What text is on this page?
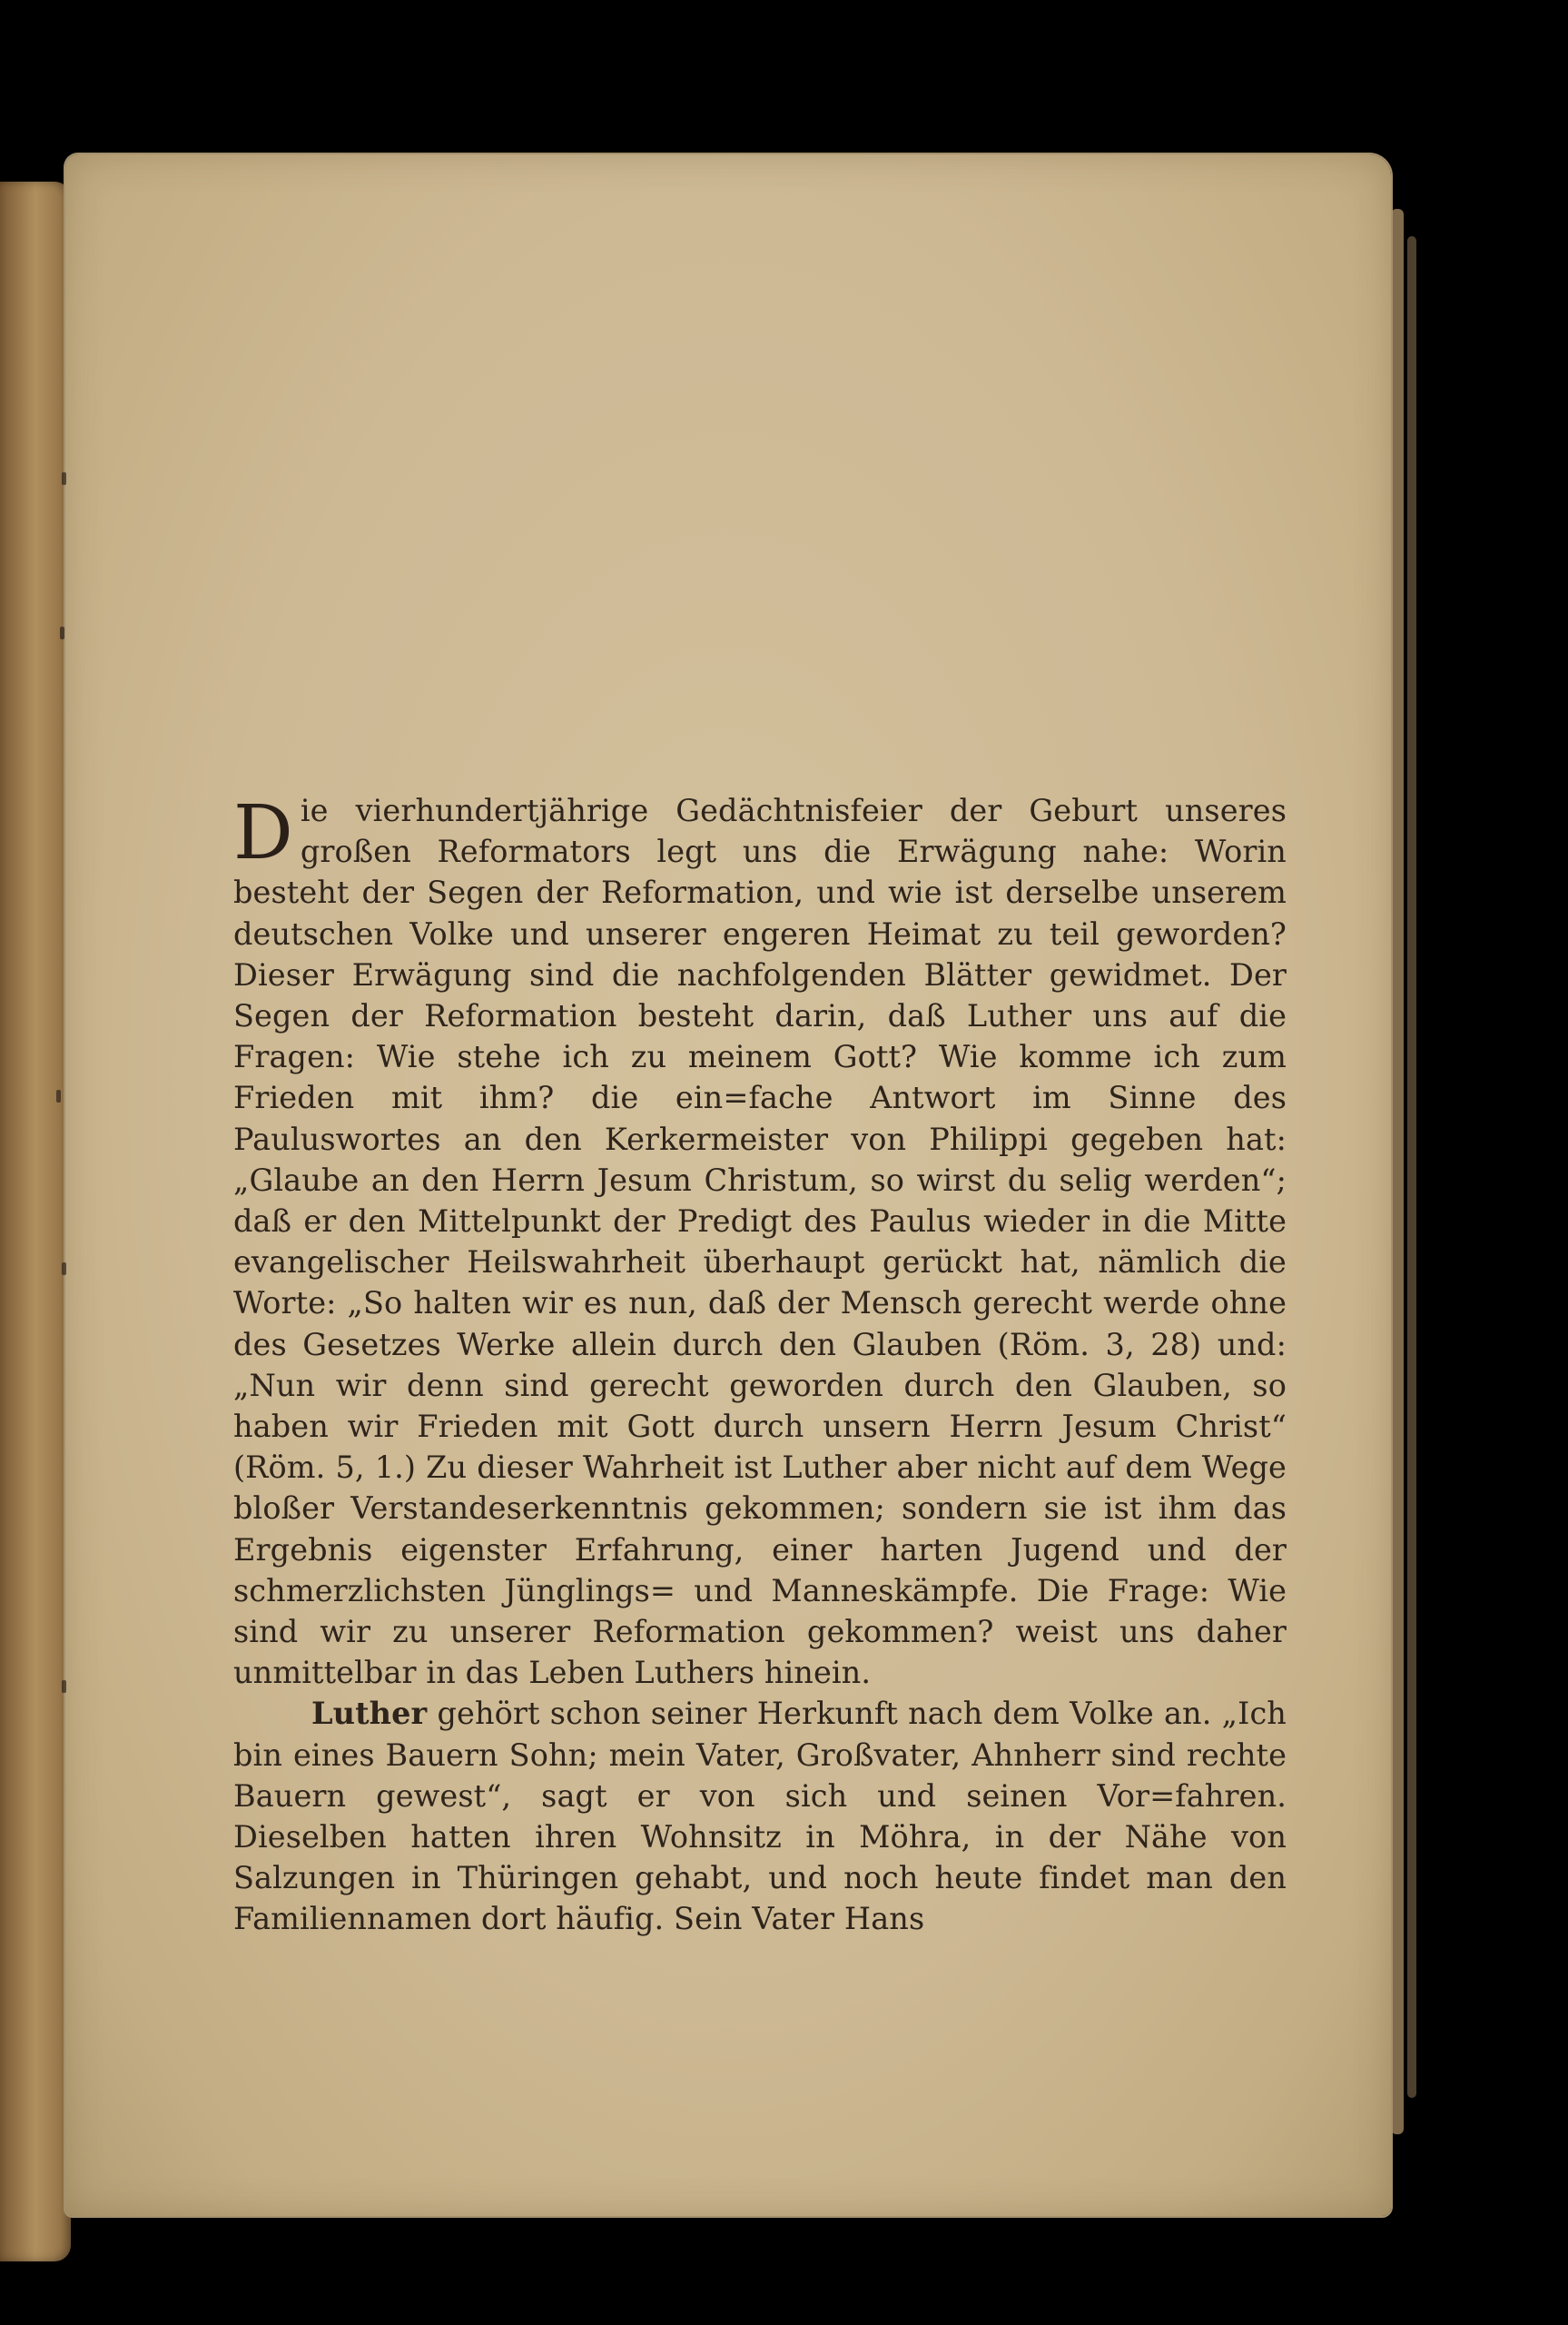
Die vierhundertjährige Gedächtnisfeier der Geburt unseres großen Reformators legt uns die Erwägung nahe: Worin besteht der Segen der Reformation, und wie ist derselbe unserem deutschen Volke und unserer engeren Heimat zu teil geworden? Dieser Erwägung sind die nachfolgenden Blätter gewidmet. Der Segen der Reformation besteht darin, daß Luther uns auf die Fragen: Wie stehe ich zu meinem Gott? Wie komme ich zum Frieden mit ihm? die ein=fache Antwort im Sinne des Pauluswortes an den Kerkermeister von Philippi gegeben hat: „Glaube an den Herrn Jesum Christum, so wirst du selig werden“; daß er den Mittelpunkt der Predigt des Paulus wieder in die Mitte evangelischer Heilswahrheit überhaupt gerückt hat, nämlich die Worte: „So halten wir es nun, daß der Mensch gerecht werde ohne des Gesetzes Werke allein durch den Glauben (Röm. 3, 28) und: „Nun wir denn sind gerecht geworden durch den Glauben, so haben wir Frieden mit Gott durch unsern Herrn Jesum Christ“ (Röm. 5, 1.) Zu dieser Wahrheit ist Luther aber nicht auf dem Wege bloßer Verstandeserkenntnis gekommen; sondern sie ist ihm das Ergebnis eigenster Erfahrung, einer harten Jugend und der schmerzlichsten Jünglings= und Manneskämpfe. Die Frage: Wie sind wir zu unserer Reformation gekommen? weist uns daher unmittelbar in das Leben Luthers hinein.

Luther gehört schon seiner Herkunft nach dem Volke an. „Ich bin eines Bauern Sohn; mein Vater, Großvater, Ahnherr sind rechte Bauern gewest“, sagt er von sich und seinen Vor=fahren. Dieselben hatten ihren Wohnsitz in Möhra, in der Nähe von Salzungen in Thüringen gehabt, und noch heute findet man den Familiennamen dort häufig. Sein Vater Hans
